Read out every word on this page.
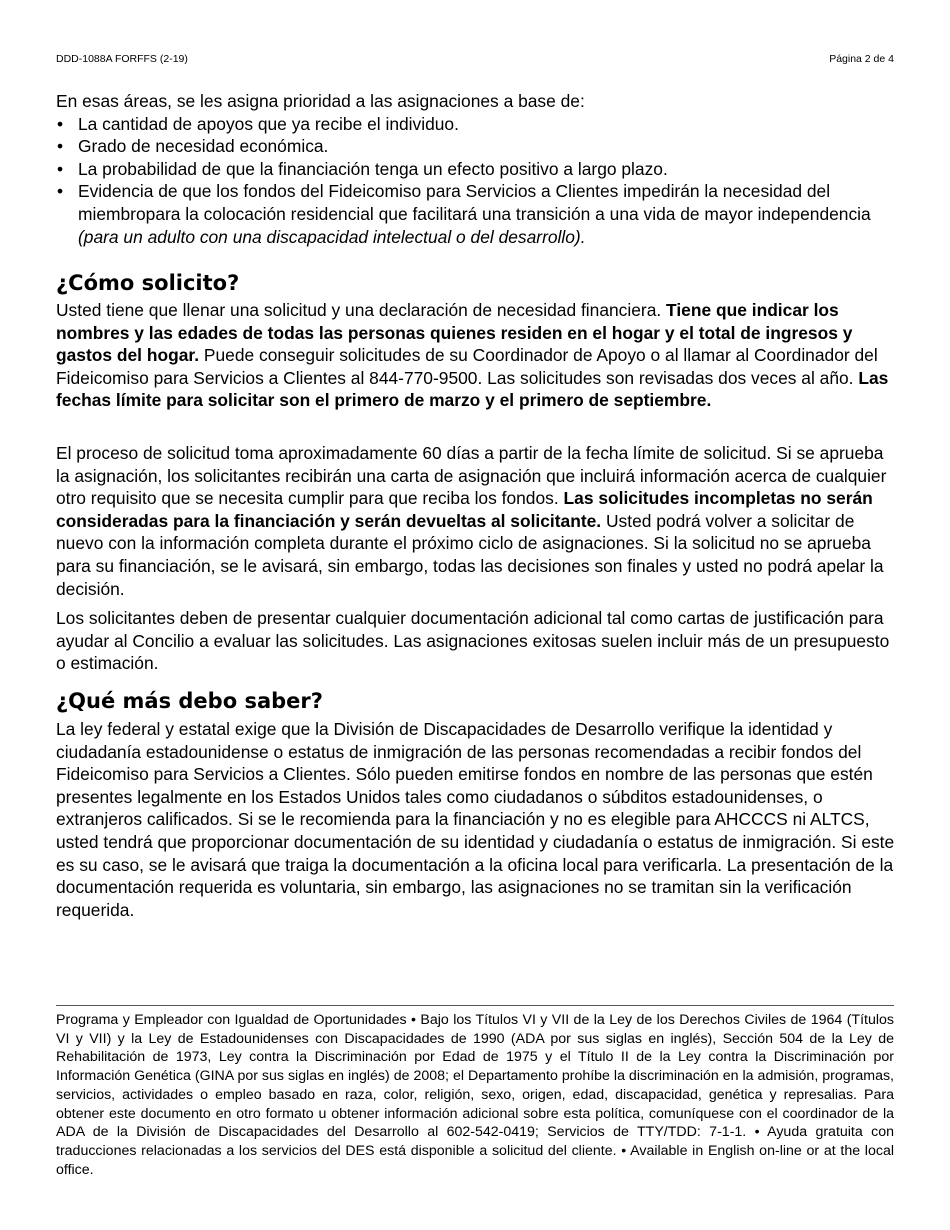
DDD-1088A FORFFS (2-19)	Página 2 de 4

En esas áreas, se les asigna prioridad a las asignaciones a base de:

• La cantidad de apoyos que ya recibe el individuo.
• Grado de necesidad económica.
• La probabilidad de que la financiación tenga un efecto positivo a largo plazo.
• Evidencia de que los fondos del Fideicomiso para Servicios a Clientes impedirán la necesidad del miembropara la colocación residencial que facilitará una transición a una vida de mayor independencia (para un adulto con una discapacidad intelectual o del desarrollo).
¿Cómo solicito?

Usted tiene que llenar una solicitud y una declaración de necesidad financiera. Tiene que indicar los nombres y las edades de todas las personas quienes residen en el hogar y el total de ingresos y gastos del hogar. Puede conseguir solicitudes de su Coordinador de Apoyo o al llamar al Coordinador del Fideicomiso para Servicios a Clientes al 844-770-9500. Las solicitudes son revisadas dos veces al año. Las fechas límite para solicitar son el primero de marzo y el primero de septiembre.

El proceso de solicitud toma aproximadamente 60 días a partir de la fecha límite de solicitud. Si se aprueba la asignación, los solicitantes recibirán una carta de asignación que incluirá información acerca de cualquier otro requisito que se necesita cumplir para que reciba los fondos. Las solicitudes incompletas no serán consideradas para la financiación y serán devueltas al solicitante. Usted podrá volver a solicitar de nuevo con la información completa durante el próximo ciclo de asignaciones. Si la solicitud no se aprueba para su financiación, se le avisará, sin embargo, todas las decisiones son finales y usted no podrá apelar la decisión.

Los solicitantes deben de presentar cualquier documentación adicional tal como cartas de justificación para ayudar al Concilio a evaluar las solicitudes. Las asignaciones exitosas suelen incluir más de un presupuesto o estimación.

¿Qué más debo saber?

La ley federal y estatal exige que la División de Discapacidades de Desarrollo verifique la identidad y ciudadanía estadounidense o estatus de inmigración de las personas recomendadas a recibir fondos del Fideicomiso para Servicios a Clientes. Sólo pueden emitirse fondos en nombre de las personas que estén presentes legalmente en los Estados Unidos tales como ciudadanos o súbditos estadounidenses, o extranjeros calificados. Si se le recomienda para la financiación y no es elegible para AHCCCS ni ALTCS, usted tendrá que proporcionar documentación de su identidad y ciudadanía o estatus de inmigración. Si este es su caso, se le avisará que traiga la documentación a la oficina local para verificarla. La presentación de la documentación requerida es voluntaria, sin embargo, las asignaciones no se tramitan sin la verificación requerida.

Programa y Empleador con Igualdad de Oportunidades • Bajo los Títulos VI y VII de la Ley de los Derechos Civiles de 1964 (Títulos VI y VII) y la Ley de Estadounidenses con Discapacidades de 1990 (ADA por sus siglas en inglés), Sección 504 de la Ley de Rehabilitación de 1973, Ley contra la Discriminación por Edad de 1975 y el Título II de la Ley contra la Discriminación por Información Genética (GINA por sus siglas en inglés) de 2008; el Departamento prohíbe la discriminación en la admisión, programas, servicios, actividades o empleo basado en raza, color, religión, sexo, origen, edad, discapacidad, genética y represalias. Para obtener este documento en otro formato u obtener información adicional sobre esta política, comuníquese con el coordinador de la ADA de la División de Discapacidades del Desarrollo al 602-542-0419; Servicios de TTY/TDD: 7-1-1. • Ayuda gratuita con traducciones relacionadas a los servicios del DES está disponible a solicitud del cliente. • Available in English on-line or at the local office.
